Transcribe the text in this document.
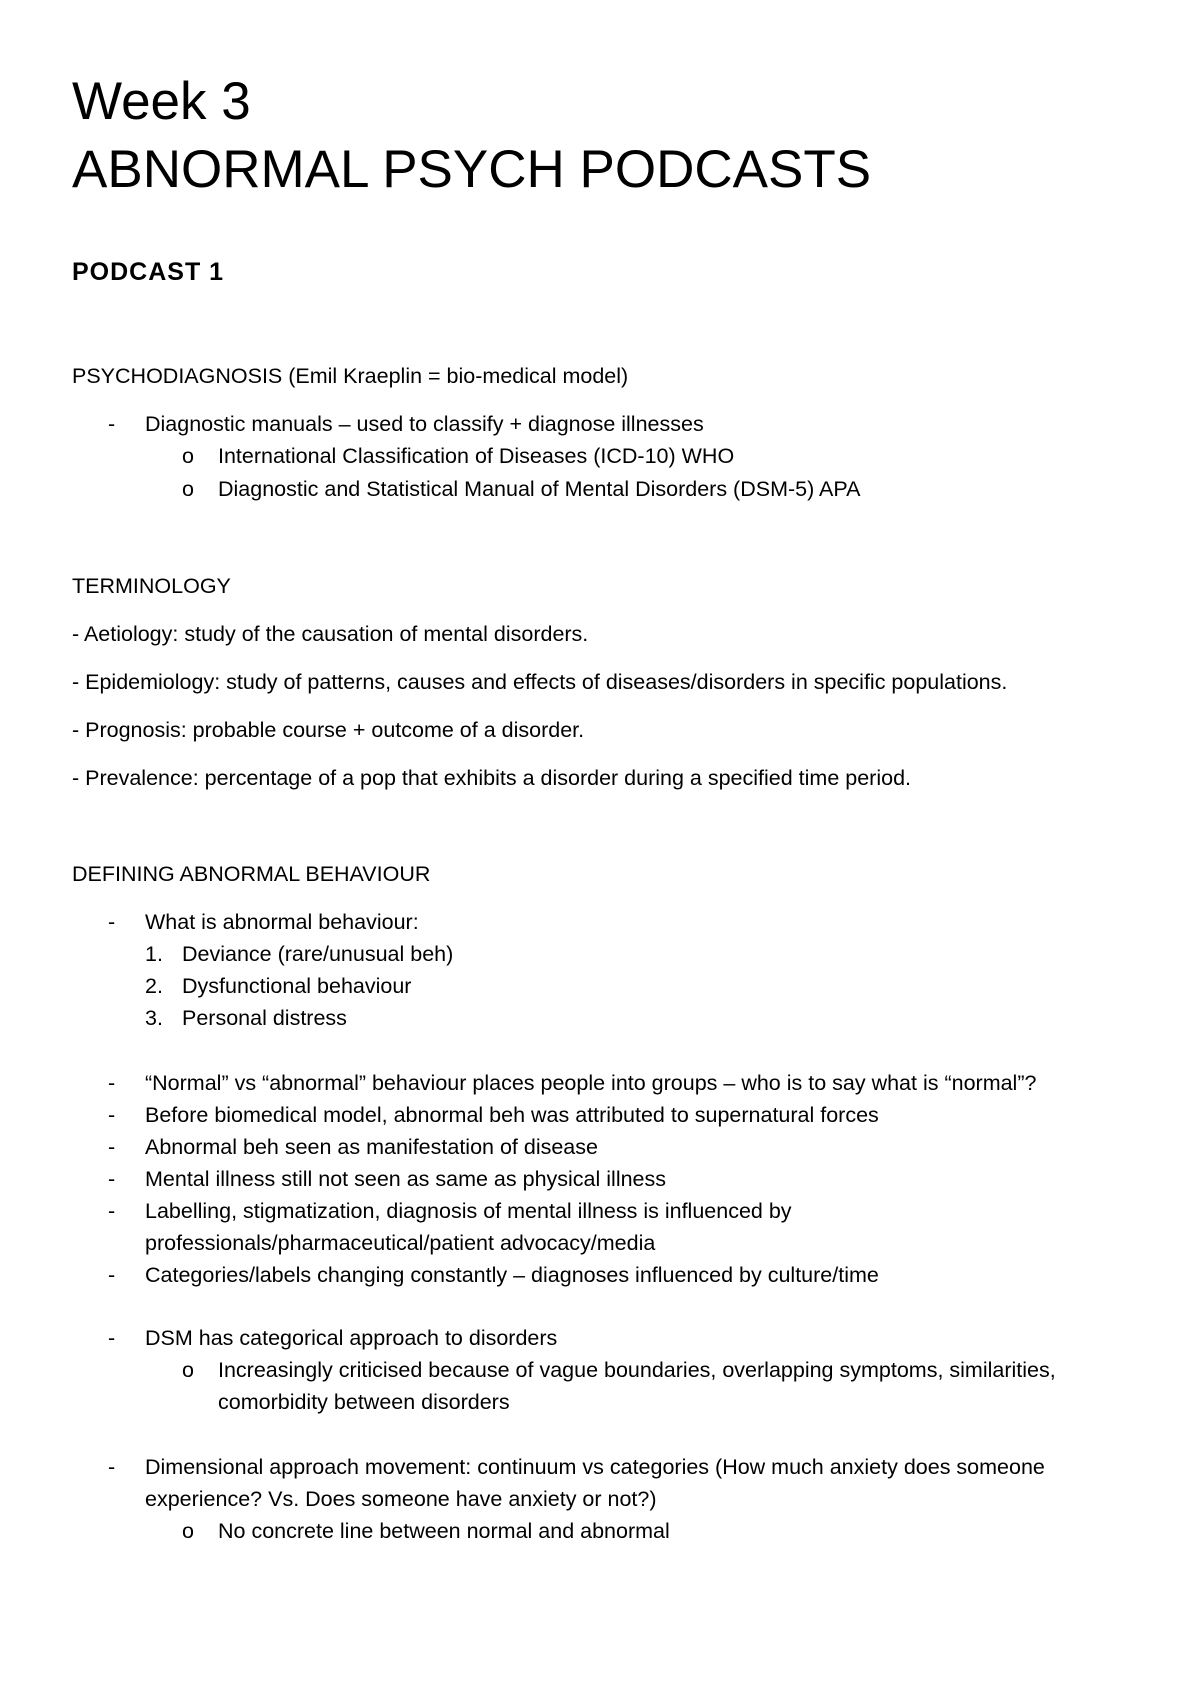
Week 3
ABNORMAL PSYCH PODCASTS
PODCAST 1
PSYCHODIAGNOSIS (Emil Kraeplin = bio-medical model)
- Diagnostic manuals – used to classify + diagnose illnesses
o International Classification of Diseases (ICD-10) WHO
o Diagnostic and Statistical Manual of Mental Disorders (DSM-5) APA
TERMINOLOGY
- Aetiology: study of the causation of mental disorders.
- Epidemiology: study of patterns, causes and effects of diseases/disorders in specific populations.
- Prognosis: probable course + outcome of a disorder.
- Prevalence: percentage of a pop that exhibits a disorder during a specified time period.
DEFINING ABNORMAL BEHAVIOUR
- What is abnormal behaviour:
1. Deviance (rare/unusual beh)
2. Dysfunctional behaviour
3. Personal distress
- “Normal” vs “abnormal” behaviour places people into groups – who is to say what is “normal”?
- Before biomedical model, abnormal beh was attributed to supernatural forces
- Abnormal beh seen as manifestation of disease
- Mental illness still not seen as same as physical illness
- Labelling, stigmatization, diagnosis of mental illness is influenced by
professionals/pharmaceutical/patient advocacy/media
- Categories/labels changing constantly – diagnoses influenced by culture/time
- DSM has categorical approach to disorders
o Increasingly criticised because of vague boundaries, overlapping symptoms, similarities,
comorbidity between disorders
- Dimensional approach movement: continuum vs categories (How much anxiety does someone
experience? Vs. Does someone have anxiety or not?)
o No concrete line between normal and abnormal
